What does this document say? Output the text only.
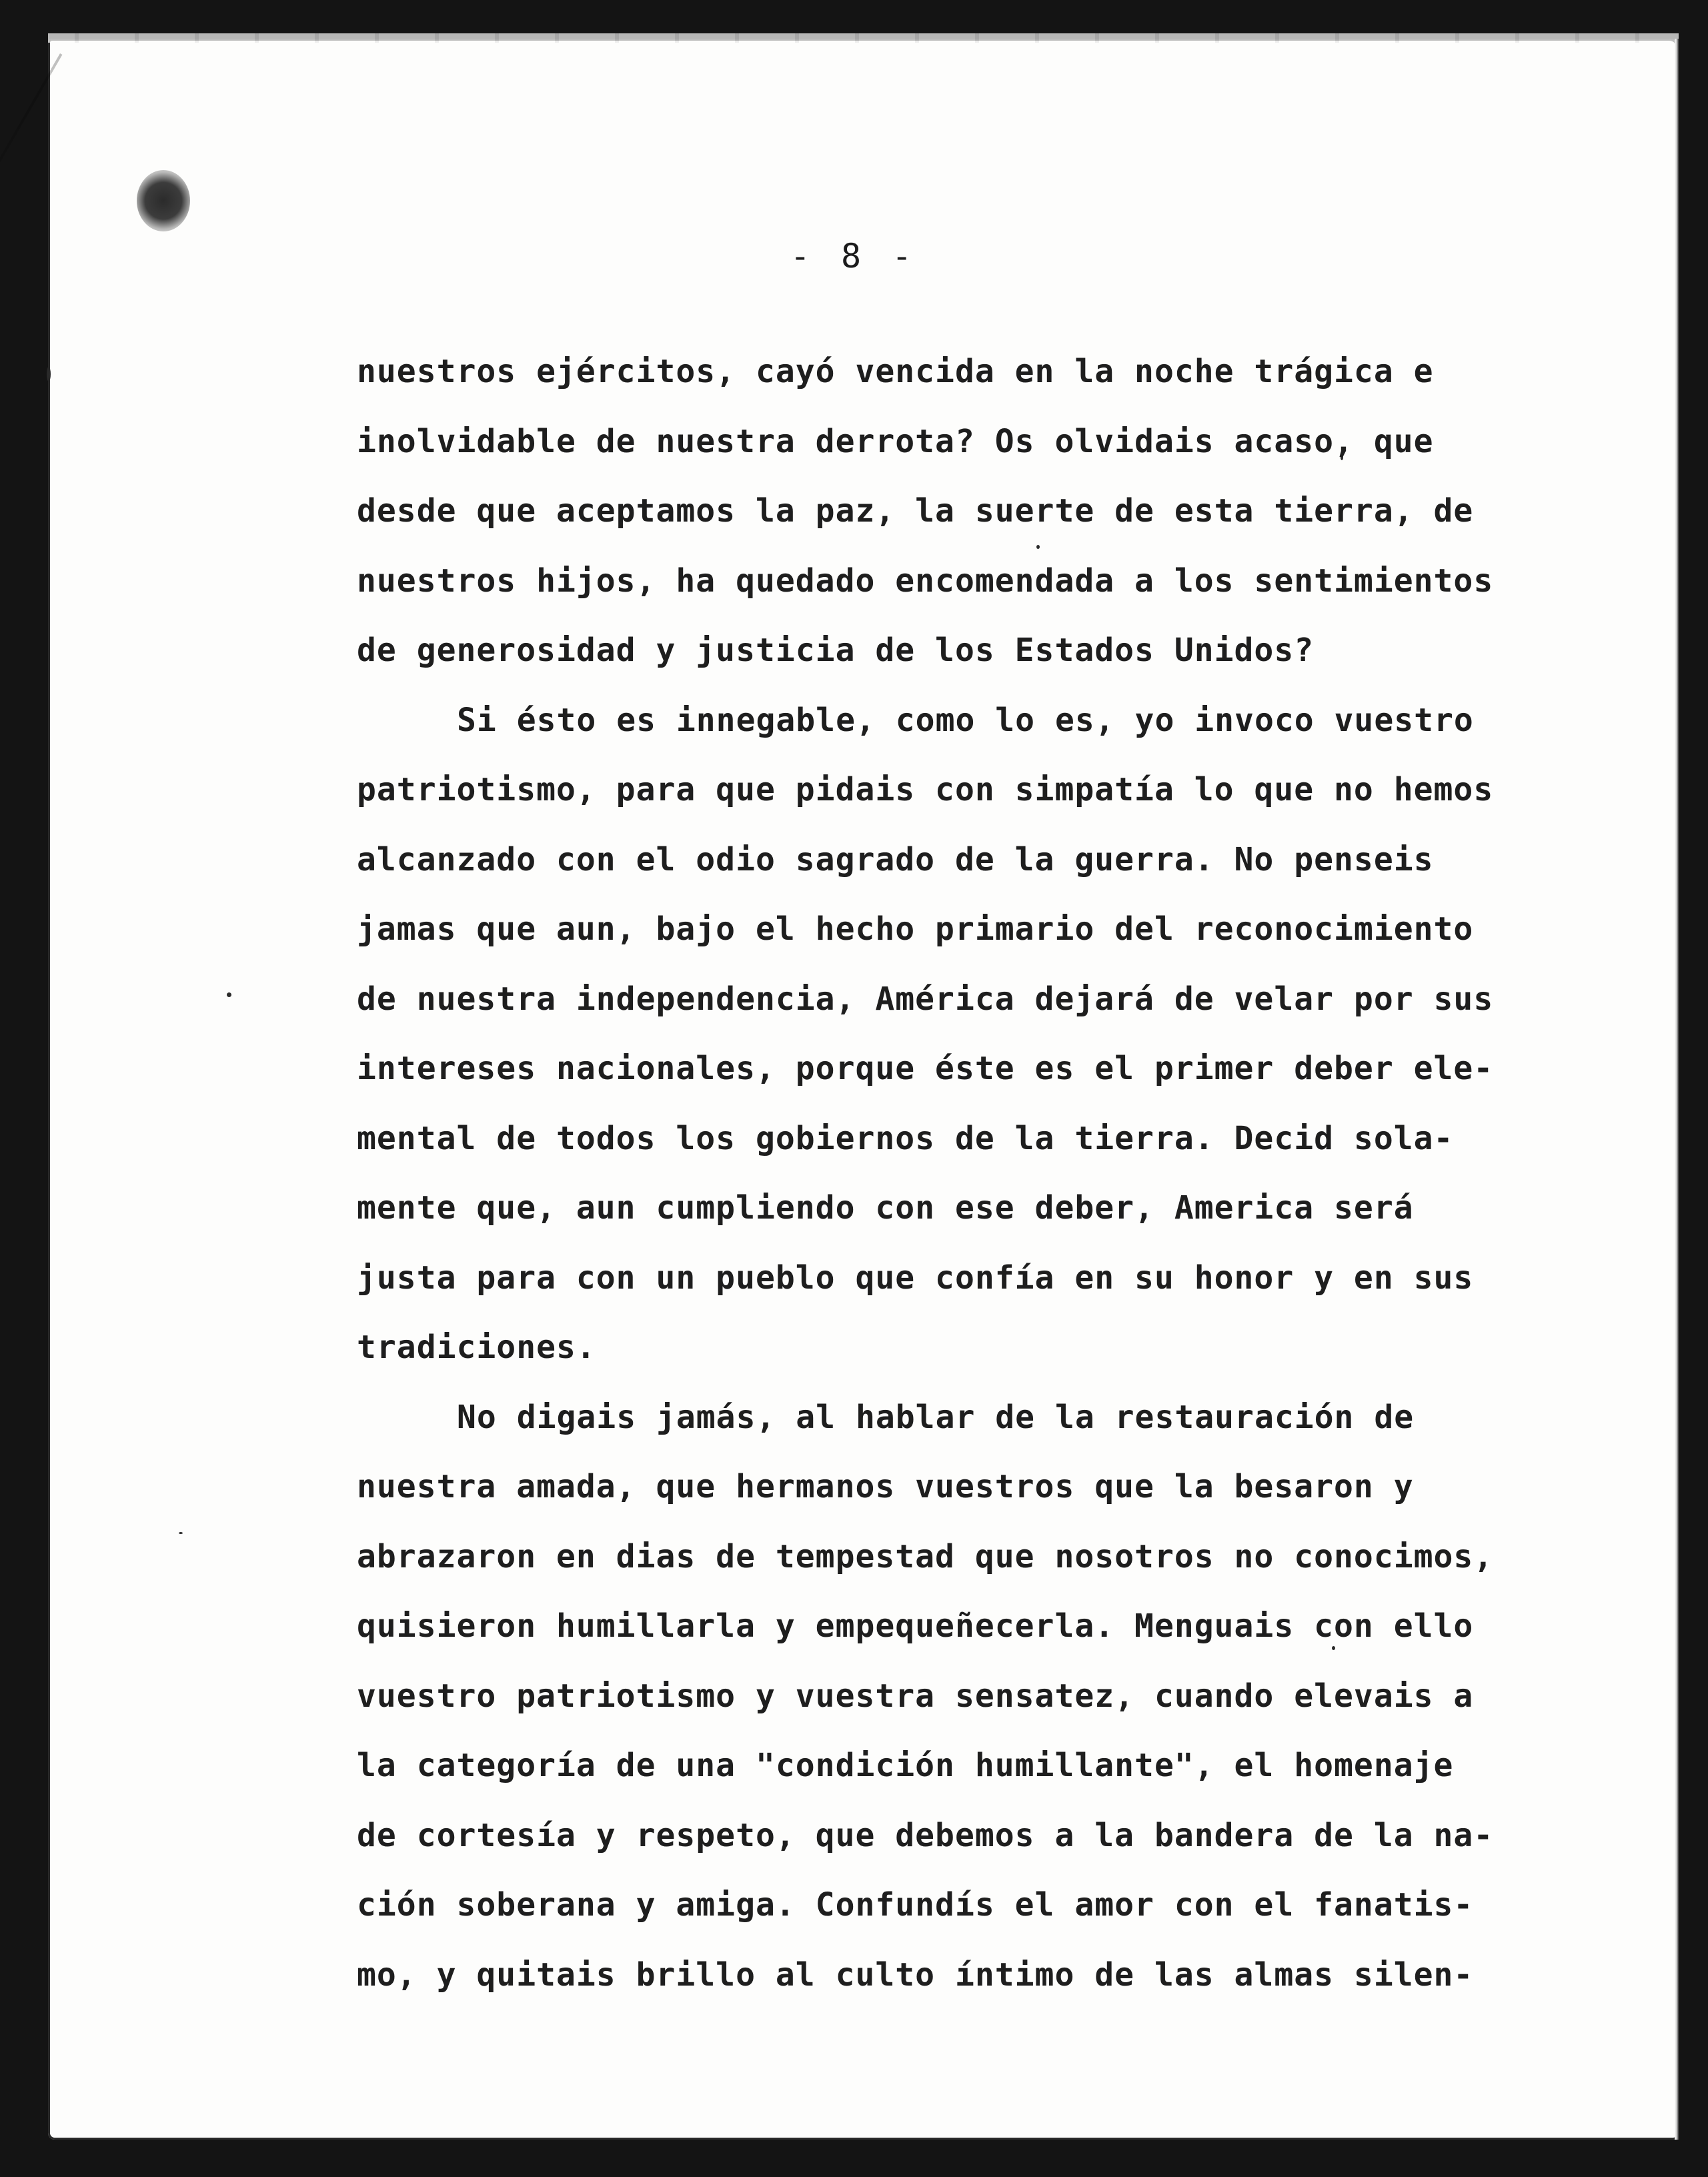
- 8 -
nuestros ejércitos, cayó vencida en la noche trágica e
inolvidable de nuestra derrota? Os olvidais acaso, que
desde que aceptamos la paz, la suerte de esta tierra, de
nuestros hijos, ha quedado encomendada a los sentimientos
de generosidad y justicia de los Estados Unidos?
Si ésto es innegable, como lo es, yo invoco vuestro
patriotismo, para que pidais con simpatía lo que no hemos
alcanzado con el odio sagrado de la guerra. No penseis
jamas que aun, bajo el hecho primario del reconocimiento
de nuestra independencia, América dejará de velar por sus
intereses nacionales, porque éste es el primer deber ele-
mental de todos los gobiernos de la tierra. Decid sola-
mente que, aun cumpliendo con ese deber, America será
justa para con un pueblo que confía en su honor y en sus
tradiciones.
No digais jamás, al hablar de la restauración de
nuestra amada, que hermanos vuestros que la besaron y
abrazaron en dias de tempestad que nosotros no conocimos,
quisieron humillarla y empequeñecerla. Menguais con ello
vuestro patriotismo y vuestra sensatez, cuando elevais a
la categoría de una "condición humillante", el homenaje
de cortesía y respeto, que debemos a la bandera de la na-
ción soberana y amiga. Confundís el amor con el fanatis-
mo, y quitais brillo al culto íntimo de las almas silen-
